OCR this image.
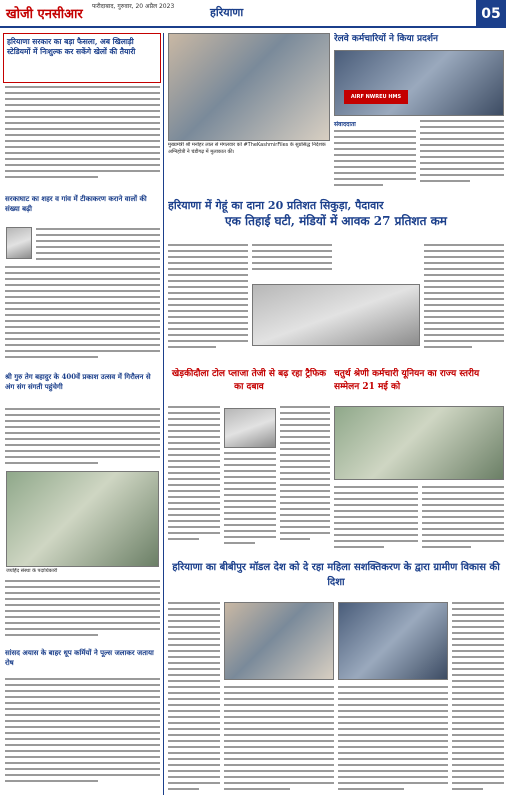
खोजी एनसीआर
फरीदाबाद, गुरुवार, 20 अप्रैल 2023	हरियाणा	05
हरियाणा सरकार का बड़ा फैसला, अब खिलाड़ी स्टेडियमों में निःशुल्क कर सकेंगे खेलों की तैयारी
सरकाघाट का शहर व गांव में टीकाकरण कराने वालों की संख्या बढ़ी
श्री गुरु तेग बहादुर के 400वें प्रकाश उत्सव में गिरौलन से अंग संग संगती पहुंचेगी
जयहिंद संस्था के पदाधिकारी
सांसद अयास के बाहर धूप कर्मियों ने पूल्स जलाकर जताया रोष
मुख्यमंत्री श्री मनोहर लाल से मंगलवार को #TheKashmirFiles के सुप्रसिद्ध निर्देशक अग्निहोत्री ने चंडीगढ़ में मुलाकात की।
रेलवे कर्मचारियों ने किया प्रदर्शन
AIRF NWREU HMS
संवाददाता
हरियाणा में गेहूं का दाना 20 प्रतिशत सिकुड़ा, पैदावार
एक तिहाई घटी, मंडियों में आवक 27 प्रतिशत कम
खेड़कीदौला टोल प्लाजा तेजी से बढ़ रहा ट्रैफिक का दबाव
चतुर्थ श्रेणी कर्मचारी यूनियन का राज्य स्तरीय सम्मेलन 21 मई को
हरियाणा का बीबीपुर मॉडल देश को दे रहा महिला सशक्तिकरण के द्वारा ग्रामीण विकास की दिशा
